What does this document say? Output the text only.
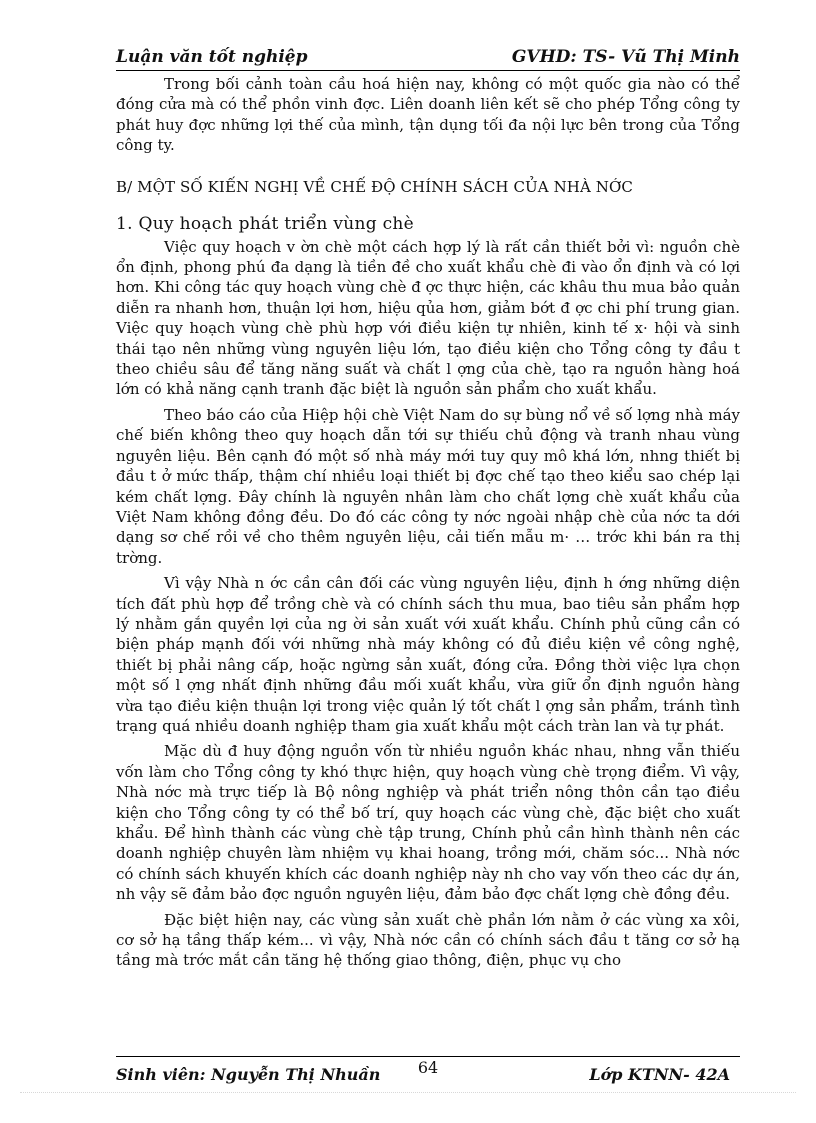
Luận văn tốt nghiệp	GVHD: TS- Vũ Thị Minh

Trong bối cảnh toàn cầu hoá hiện nay, không có một quốc gia nào có thể đóng cửa mà có thể phồn vinh đợc. Liên doanh liên kết sẽ cho phép Tổng công ty phát huy đợc những lợi thế của mình, tận dụng tối đa nội lực bên trong của Tổng công ty.

B/ MỘT SỐ KIẾN NGHỊ VỀ CHẾ ĐỘ CHÍNH SÁCH CỦA NHÀ NỚC
1. Quy hoạch phát triển vùng chè

Việc quy hoạch v ờn chè một cách hợp lý là rất cần thiết bởi vì: nguồn chè ổn định, phong phú đa dạng là tiền đề cho xuất khẩu chè đi vào ổn định và có lợi hơn. Khi công tác quy hoạch vùng chè đ ợc thực hiện, các khâu thu mua bảo quản diễn ra nhanh hơn, thuận lợi hơn, hiệu qủa hơn, giảm bớt đ ợc chi phí trung gian. Việc quy hoạch vùng chè phù hợp với điều kiện tự nhiên, kinh tế x· hội và sinh thái tạo nên những vùng nguyên liệu lớn, tạo điều kiện cho Tổng công ty đầu t theo chiều sâu để tăng năng suất và chất l ợng của chè, tạo ra nguồn hàng hoá lớn có khả năng cạnh tranh đặc biệt là nguồn sản phẩm cho xuất khẩu.

Theo báo cáo của Hiệp hội chè Việt Nam do sự bùng nổ về số lợng nhà máy chế biến không theo quy hoạch dẫn tới sự thiếu chủ động và tranh nhau vùng nguyên liệu. Bên cạnh đó một số nhà máy mới tuy quy mô khá lớn, nhng thiết bị đầu t ở mức thấp, thậm chí nhiều loại thiết bị đợc chế tạo theo kiểu sao chép lại kém chất lợng. Đây chính là nguyên nhân làm cho chất lợng chè xuất khẩu của Việt Nam không đồng đều. Do đó các công ty nớc ngoài nhập chè của nớc ta dới dạng sơ chế rồi về cho thêm nguyên liệu, cải tiến mẫu m· … trớc khi bán ra thị trờng.

Vì vậy Nhà n ớc cần cân đối các vùng nguyên liệu, định h ớng những diện tích đất phù hợp để trồng chè và có chính sách thu mua, bao tiêu sản phẩm hợp lý nhằm gắn quyền lợi của ng ời sản xuất với xuất khẩu. Chính phủ cũng cần có biện pháp mạnh đối với những nhà máy không có đủ điều kiện về công nghệ, thiết bị phải nâng cấp, hoặc ngừng sản xuất, đóng cửa. Đồng thời việc lựa chọn một số l ợng nhất định những đầu mối xuất khẩu, vừa giữ ổn định nguồn hàng vừa tạo điều kiện thuận lợi trong việc quản lý tốt chất l ợng sản phẩm, tránh tình trạng quá nhiều doanh nghiệp tham gia xuất khẩu một cách tràn lan và tự phát.

Mặc dù đ huy động nguồn vốn từ nhiều nguồn khác nhau, nhng vẫn thiếu vốn làm cho Tổng công ty khó thực hiện, quy hoạch vùng chè trọng điểm. Vì vậy, Nhà nớc mà trực tiếp là Bộ nông nghiệp và phát triển nông thôn cần tạo điều kiện cho Tổng công ty có thể bố trí, quy hoạch các vùng chè, đặc biệt cho xuất khẩu. Để hình thành các vùng chè tập trung, Chính phủ cần hình thành nên các doanh nghiệp chuyên làm nhiệm vụ khai hoang, trồng mới, chăm sóc... Nhà nớc có chính sách khuyến khích các doanh nghiệp này nh cho vay vốn theo các dự án, nh vậy sẽ đảm bảo đợc nguồn nguyên liệu, đảm bảo đợc chất lợng chè đồng đều.

Đặc biệt hiện nay, các vùng sản xuất chè phần lớn nằm ở các vùng xa xôi, cơ sở hạ tầng thấp kém... vì vậy, Nhà nớc cần có chính sách đầu t tăng cơ sở hạ tầng mà trớc mắt cần tăng hệ thống giao thông, điện, phục vụ cho

Sinh viên: Nguyễn Thị Nhuần	64	Lớp KTNN- 42A
